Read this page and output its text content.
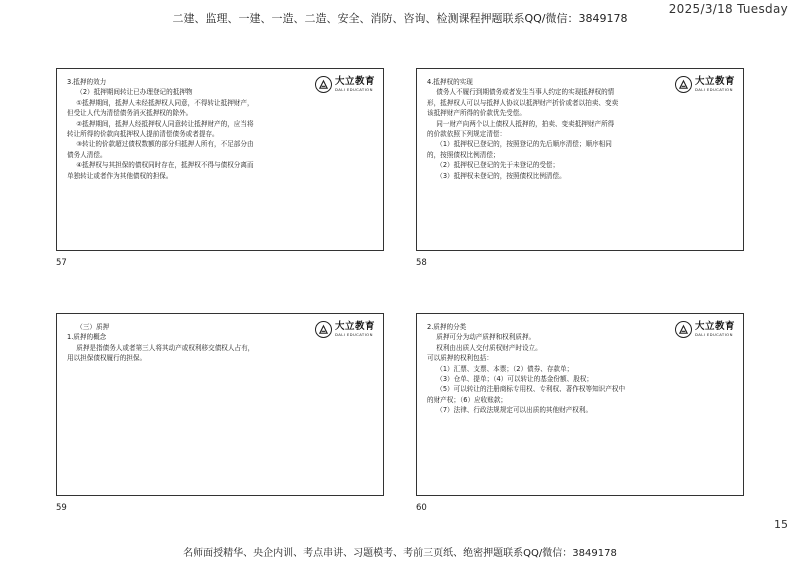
2025/3/18 Tuesday
二建、监理、一建、一造、二造、安全、消防、咨询、检测课程押题联系QQ/微信：3849178
大立教育
DALI EDUCATION

3.抵押的效力

（2）抵押期间转让已办理登记的抵押物

①抵押期间，抵押人未经抵押权人同意，不得转让抵押财产，

但受让人代为清偿债务消灭抵押权的除外。

②抵押期间，抵押人经抵押权人同意转让抵押财产的，应当将

转让所得的价款向抵押权人提前清偿债务或者提存。

③转让的价款超过债权数额的部分归抵押人所有，不足部分由

债务人清偿。

④抵押权与其担保的债权同时存在，抵押权不得与债权分离而

单独转让或者作为其他债权的担保。

57
大立教育
DALI EDUCATION

4.抵押权的实现

债务人不履行到期债务或者发生当事人约定的实现抵押权的情

形，抵押权人可以与抵押人协议以抵押财产折价或者以拍卖、变卖

该抵押财产所得的价款优先受偿。

同一财产向两个以上债权人抵押的，拍卖、变卖抵押财产所得

的价款依照下列规定清偿：

（1）抵押权已登记的，按照登记的先后顺序清偿；顺序相同

的，按照债权比例清偿；

（2）抵押权已登记的先于未登记的受偿；

（3）抵押权未登记的，按照债权比例清偿。

58
大立教育
DALI EDUCATION

（三）质押

1.质押的概念

质押是指债务人或者第三人将其动产或权利移交债权人占有，

用以担保债权履行的担保。

59
大立教育
DALI EDUCATION

2.质押的分类

质押可分为动产质押和权利质押。

权利由出质人交付质权财产时设立。

可以质押的权利包括：

（1）汇票、支票、本票；（2）债券、存款单；

（3）仓单、提单；（4）可以转让的基金份额、股权；

（5）可以转让的注册商标专用权、专利权、著作权等知识产权中

的财产权；（6）应收账款；

（7）法律、行政法规规定可以出质的其他财产权利。

60
15
名师面授精华、央企内训、考点串讲、习题模考、考前三页纸、绝密押题联系QQ/微信：3849178
